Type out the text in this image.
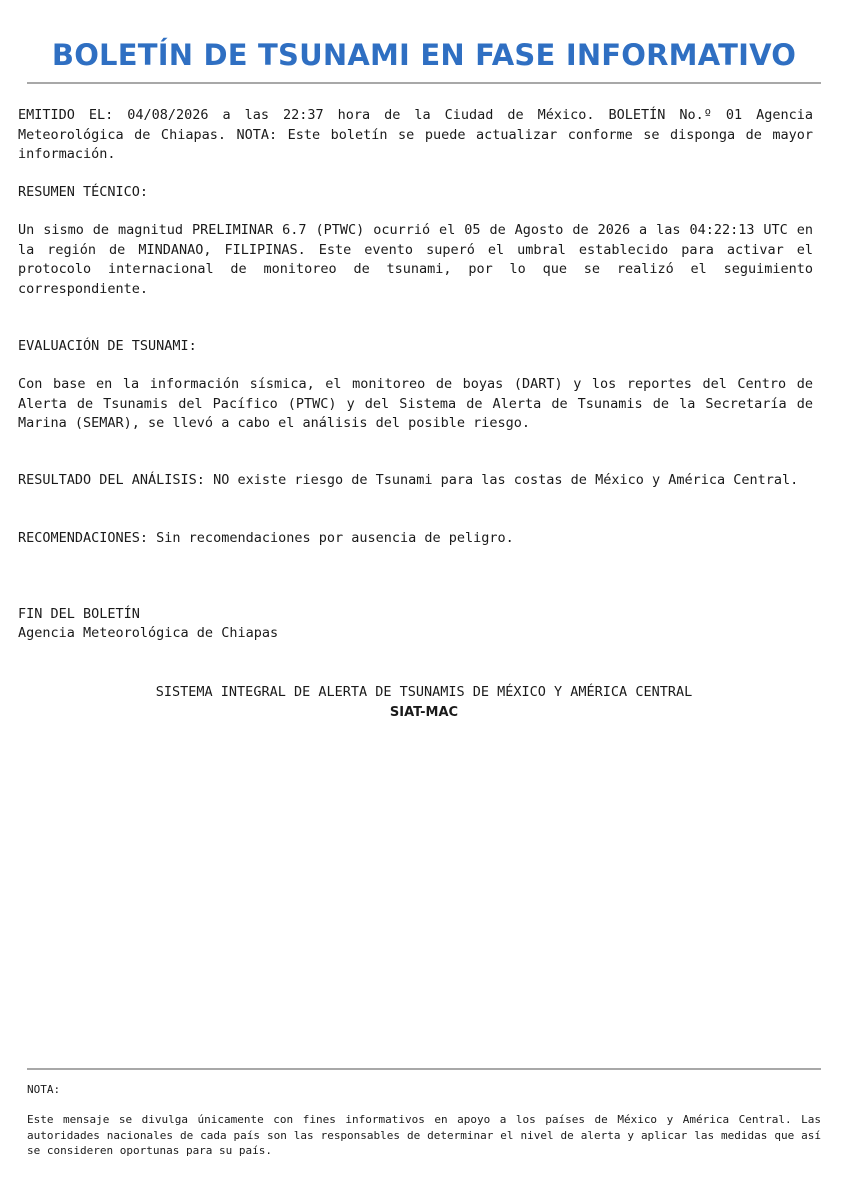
BOLETÍN DE TSUNAMI EN FASE INFORMATIVO

EMITIDO EL: 04/08/2026 a las 22:37 hora de la Ciudad de México. BOLETÍN No.º 01 Agencia Meteorológica de Chiapas. NOTA: Este boletín se puede actualizar conforme se disponga de mayor información.

RESUMEN TÉCNICO:

Un sismo de magnitud PRELIMINAR 6.7 (PTWC) ocurrió el 05 de Agosto de 2026 a las 04:22:13 UTC en la región de MINDANAO, FILIPINAS. Este evento superó el umbral establecido para activar el protocolo internacional de monitoreo de tsunami, por lo que se realizó el seguimiento correspondiente.

EVALUACIÓN DE TSUNAMI:

Con base en la información sísmica, el monitoreo de boyas (DART) y los reportes del Centro de Alerta de Tsunamis del Pacífico (PTWC) y del Sistema de Alerta de Tsunamis de la Secretaría de Marina (SEMAR), se llevó a cabo el análisis del posible riesgo.

RESULTADO DEL ANÁLISIS: NO existe riesgo de Tsunami para las costas de México y América Central.

RECOMENDACIONES: Sin recomendaciones por ausencia de peligro.

FIN DEL BOLETÍN

Agencia Meteorológica de Chiapas

SISTEMA INTEGRAL DE ALERTA DE TSUNAMIS DE MÉXICO Y AMÉRICA CENTRAL

SIAT-MAC

NOTA:

Este mensaje se divulga únicamente con fines informativos en apoyo a los países de México y América Central. Las autoridades nacionales de cada país son las responsables de determinar el nivel de alerta y aplicar las medidas que así se consideren oportunas para su país.
